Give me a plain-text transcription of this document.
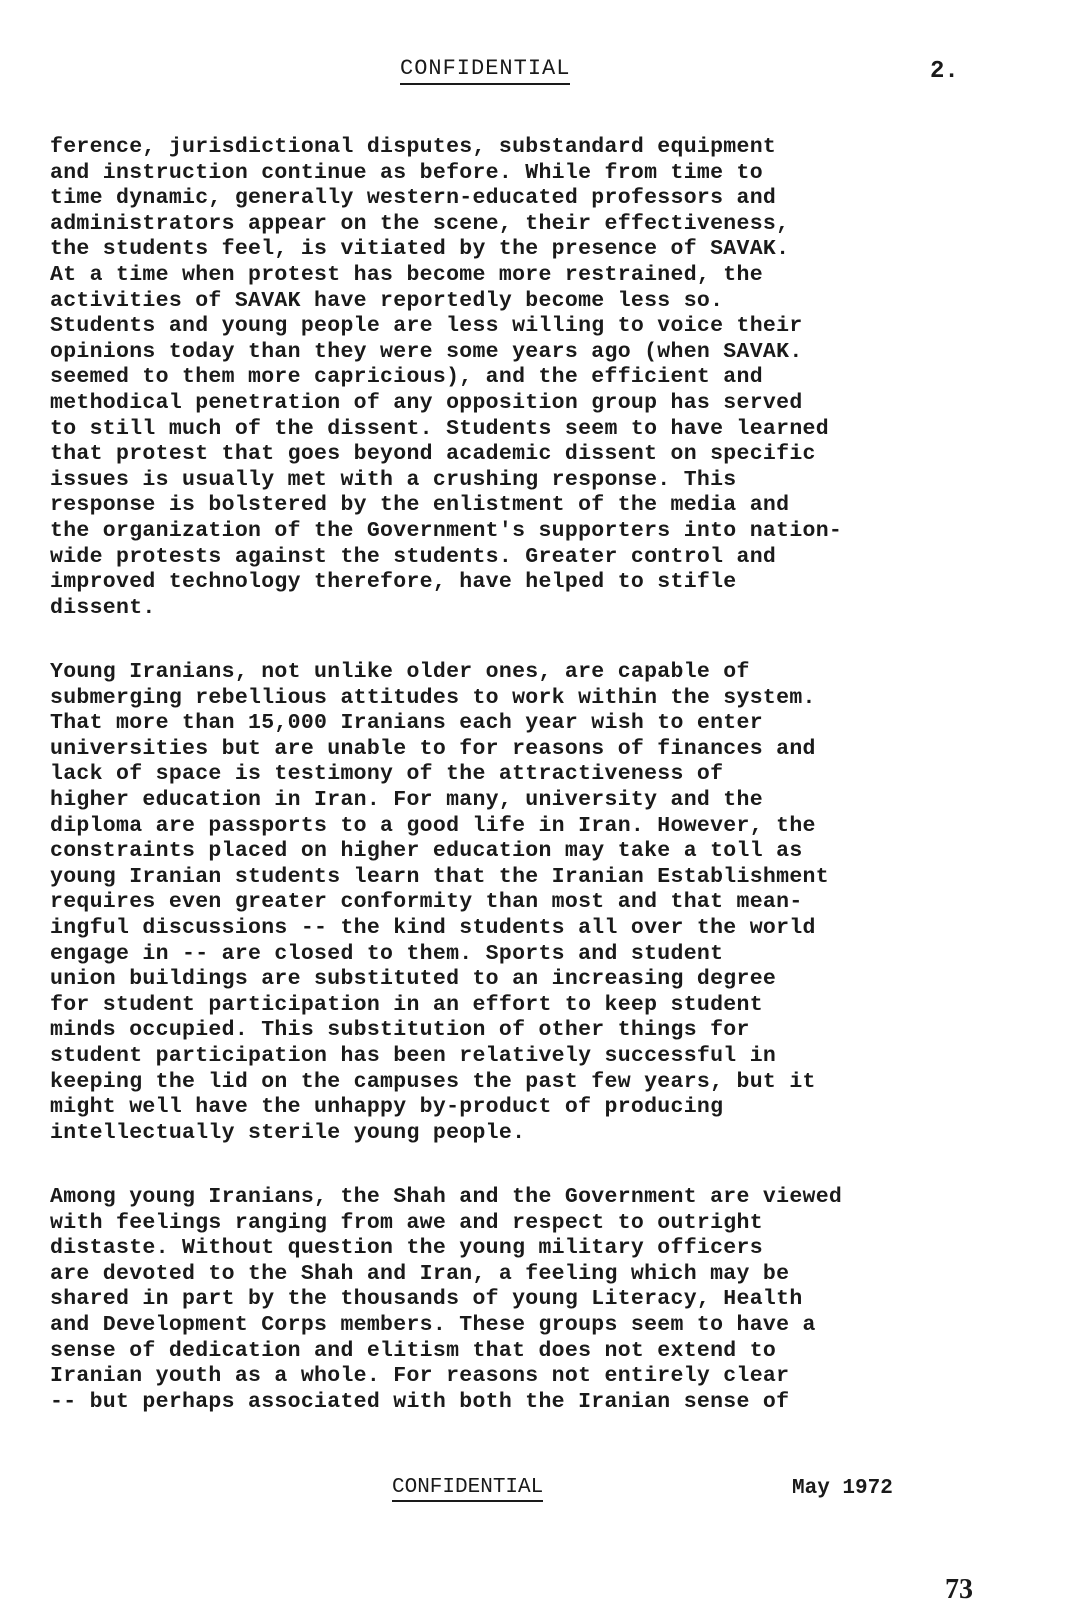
CONFIDENTIAL	2.
ference, jurisdictional disputes, substandard equipment
and instruction continue as before. While from time to
time dynamic, generally western-educated professors and
administrators appear on the scene, their effectiveness,
the students feel, is vitiated by the presence of SAVAK.
At a time when protest has become more restrained, the
activities of SAVAK have reportedly become less so.
Students and young people are less willing to voice their
opinions today than they were some years ago (when SAVAK.
seemed to them more capricious), and the efficient and
methodical penetration of any opposition group has served
to still much of the dissent. Students seem to have learned
that protest that goes beyond academic dissent on specific
issues is usually met with a crushing response. This
response is bolstered by the enlistment of the media and
the organization of the Government's supporters into nation-
wide protests against the students. Greater control and
improved technology therefore, have helped to stifle
dissent.
Young Iranians, not unlike older ones, are capable of
submerging rebellious attitudes to work within the system.
That more than 15,000 Iranians each year wish to enter
universities but are unable to for reasons of finances and
lack of space is testimony of the attractiveness of
higher education in Iran. For many, university and the
diploma are passports to a good life in Iran. However, the
constraints placed on higher education may take a toll as
young Iranian students learn that the Iranian Establishment
requires even greater conformity than most and that mean-
ingful discussions -- the kind students all over the world
engage in -- are closed to them. Sports and student
union buildings are substituted to an increasing degree
for student participation in an effort to keep student
minds occupied. This substitution of other things for
student participation has been relatively successful in
keeping the lid on the campuses the past few years, but it
might well have the unhappy by-product of producing
intellectually sterile young people.
Among young Iranians, the Shah and the Government are viewed
with feelings ranging from awe and respect to outright
distaste. Without question the young military officers
are devoted to the Shah and Iran, a feeling which may be
shared in part by the thousands of young Literacy, Health
and Development Corps members. These groups seem to have a
sense of dedication and elitism that does not extend to
Iranian youth as a whole. For reasons not entirely clear
-- but perhaps associated with both the Iranian sense of
CONFIDENTIAL	May 1972
73
